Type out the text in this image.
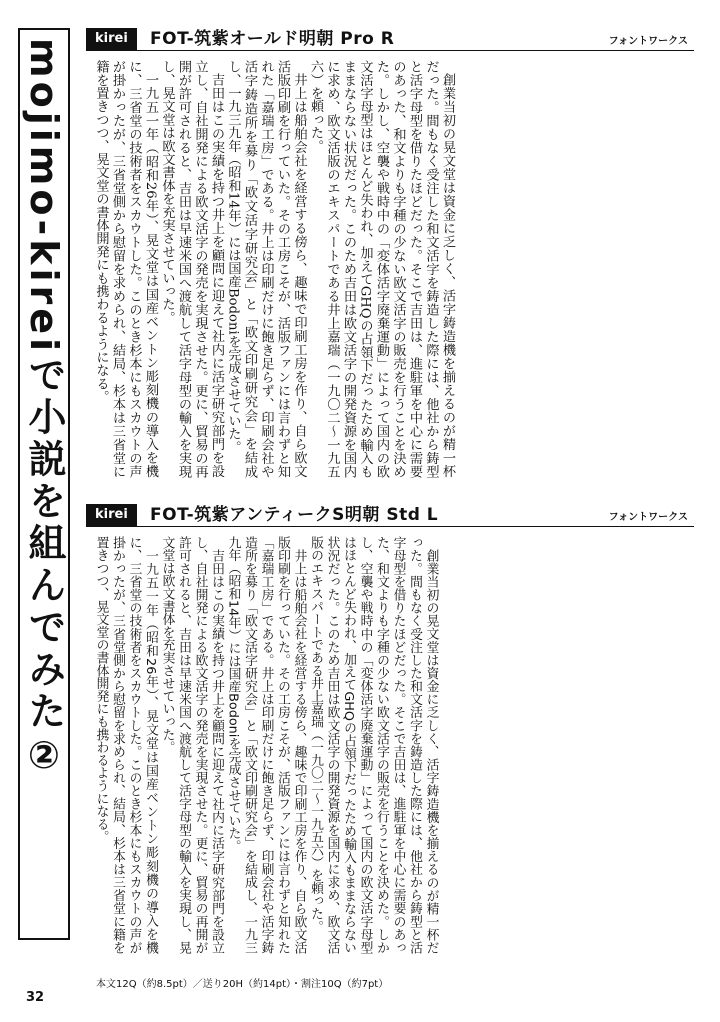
mojimo-kireiで小説を組んでみた②	kirei	FOT-筑紫オールド明朝 Pro R	フォントワークス
創業当初の晃文堂は資金に乏しく、活字鋳造機を揃えるのが精一杯だった。間もなく受注した和文活字を鋳造した際には、他社から鋳型と活字母型を借りたほどだった。そこで吉田は、進駐軍を中心に需要のあった、和文よりも字種の少ない欧文活字の販売を行うことを決めた。しかし、空襲や戦時中の「変体活字廃棄運動」によって国内の欧文活字母型はほとんど失われ、加えてGHQの占領下だったため輸入もままならない状況だった。このため吉田は欧文活字の開発資源を国内に求め、欧文活版のエキスパートである井上嘉瑞（一九〇二〜一九五六）を頼った。
井上は船舶会社を経営する傍ら、趣味で印刷工房を作り、自ら欧文活版印刷を行っていた。その工房こそが、活版ファンには言わずと知れた「嘉瑞工房」である。井上は印刷だけに飽き足らず、印刷会社や活字鋳造所を募り「欧文活字研究会」と「欧文印刷研究会」を結成し、一九三九年（昭和14年）には国産Bodoniを完成させていた。
吉田はこの実績を持つ井上を顧問に迎えて社内に活字研究部門を設立し、自社開発による欧文活字の発売を実現させた。更に、貿易の再開が許可されると、吉田は早速米国へ渡航して活字母型の輸入を実現し、晃文堂は欧文書体を充実させていった。
一九五一年（昭和26年）、晃文堂は国産ベントン彫刻機の導入を機に、三省堂の技術者をスカウトした。このとき杉本にもスカウトの声が掛かったが、三省堂側から慰留を求められ、結局、杉本は三省堂に籍を置きつつ、晃文堂の書体開発にも携わるようになる。
kirei	FOT-筑紫アンティークS明朝 Std L	フォントワークス
創業当初の晃文堂は資金に乏しく、活字鋳造機を揃えるのが精一杯だった。間もなく受注した和文活字を鋳造した際には、他社から鋳型と活字母型を借りたほどだった。そこで吉田は、進駐軍を中心に需要のあった、和文よりも字種の少ない欧文活字の販売を行うことを決めた。しかし、空襲や戦時中の「変体活字廃棄運動」によって国内の欧文活字母型はほとんど失われ、加えてGHQの占領下だったため輸入もままならない状況だった。このため吉田は欧文活字の開発資源を国内に求め、欧文活版のエキスパートである井上嘉瑞（一九〇二〜一九五六）を頼った。
井上は船舶会社を経営する傍ら、趣味で印刷工房を作り、自ら欧文活版印刷を行っていた。その工房こそが、活版ファンには言わずと知れた「嘉瑞工房」である。井上は印刷だけに飽き足らず、印刷会社や活字鋳造所を募り「欧文活字研究会」と「欧文印刷研究会」を結成し、一九三九年（昭和14年）には国産Bodoniを完成させていた。
吉田はこの実績を持つ井上を顧問に迎えて社内に活字研究部門を設立し、自社開発による欧文活字の発売を実現させた。更に、貿易の再開が許可されると、吉田は早速米国へ渡航して活字母型の輸入を実現し、晃文堂は欧文書体を充実させていった。
一九五一年（昭和26年）、晃文堂は国産ベントン彫刻機の導入を機に、三省堂の技術者をスカウトした。このとき杉本にもスカウトの声が掛かったが、三省堂側から慰留を求められ、結局、杉本は三省堂に籍を置きつつ、晃文堂の書体開発にも携わるようになる。
本文12Q（約8.5pt）／送り20H（約14pt）・割注10Q（約7pt）
32
